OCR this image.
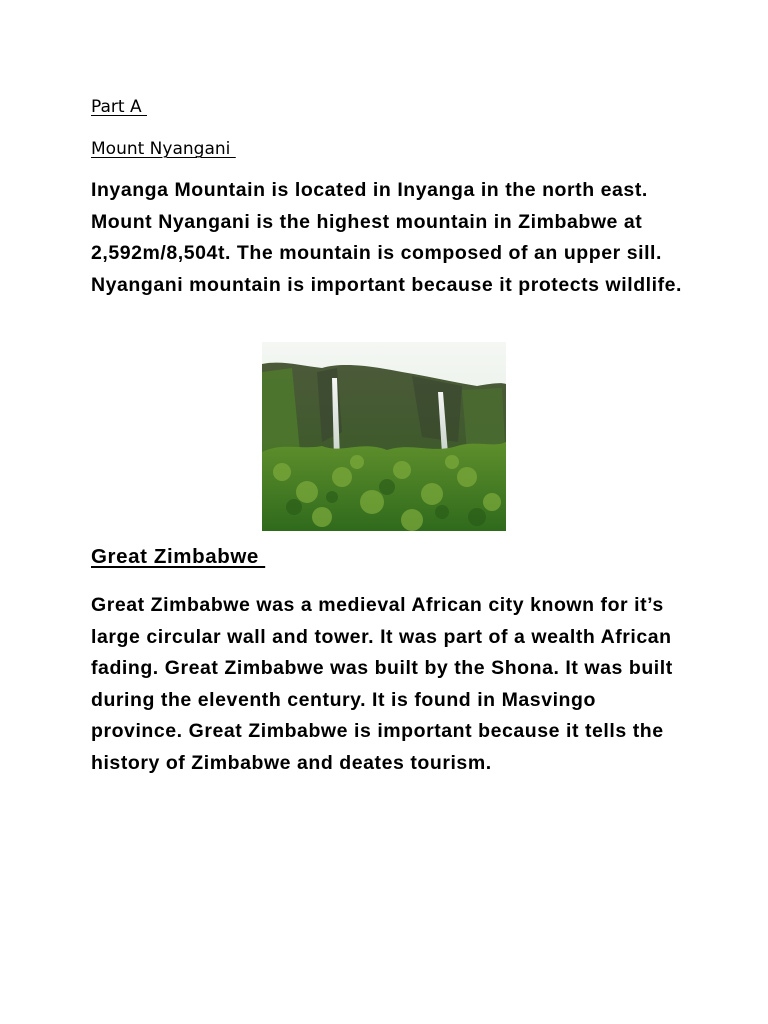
Part A

Mount Nyangani

Inyanga Mountain is located in Inyanga in the north east. Mount Nyangani is the highest mountain in Zimbabwe at 2,592m/8,504t. The mountain is composed of an upper sill. Nyangani mountain is important because it protects wildlife.

Great Zimbabwe

Great Zimbabwe was a medieval African city known for it’s large circular wall and tower. It was part of a wealth African fading. Great Zimbabwe was built by the Shona. It was built during the eleventh century. It is found in Masvingo province. Great Zimbabwe is important because it tells the history of Zimbabwe and deates tourism.
